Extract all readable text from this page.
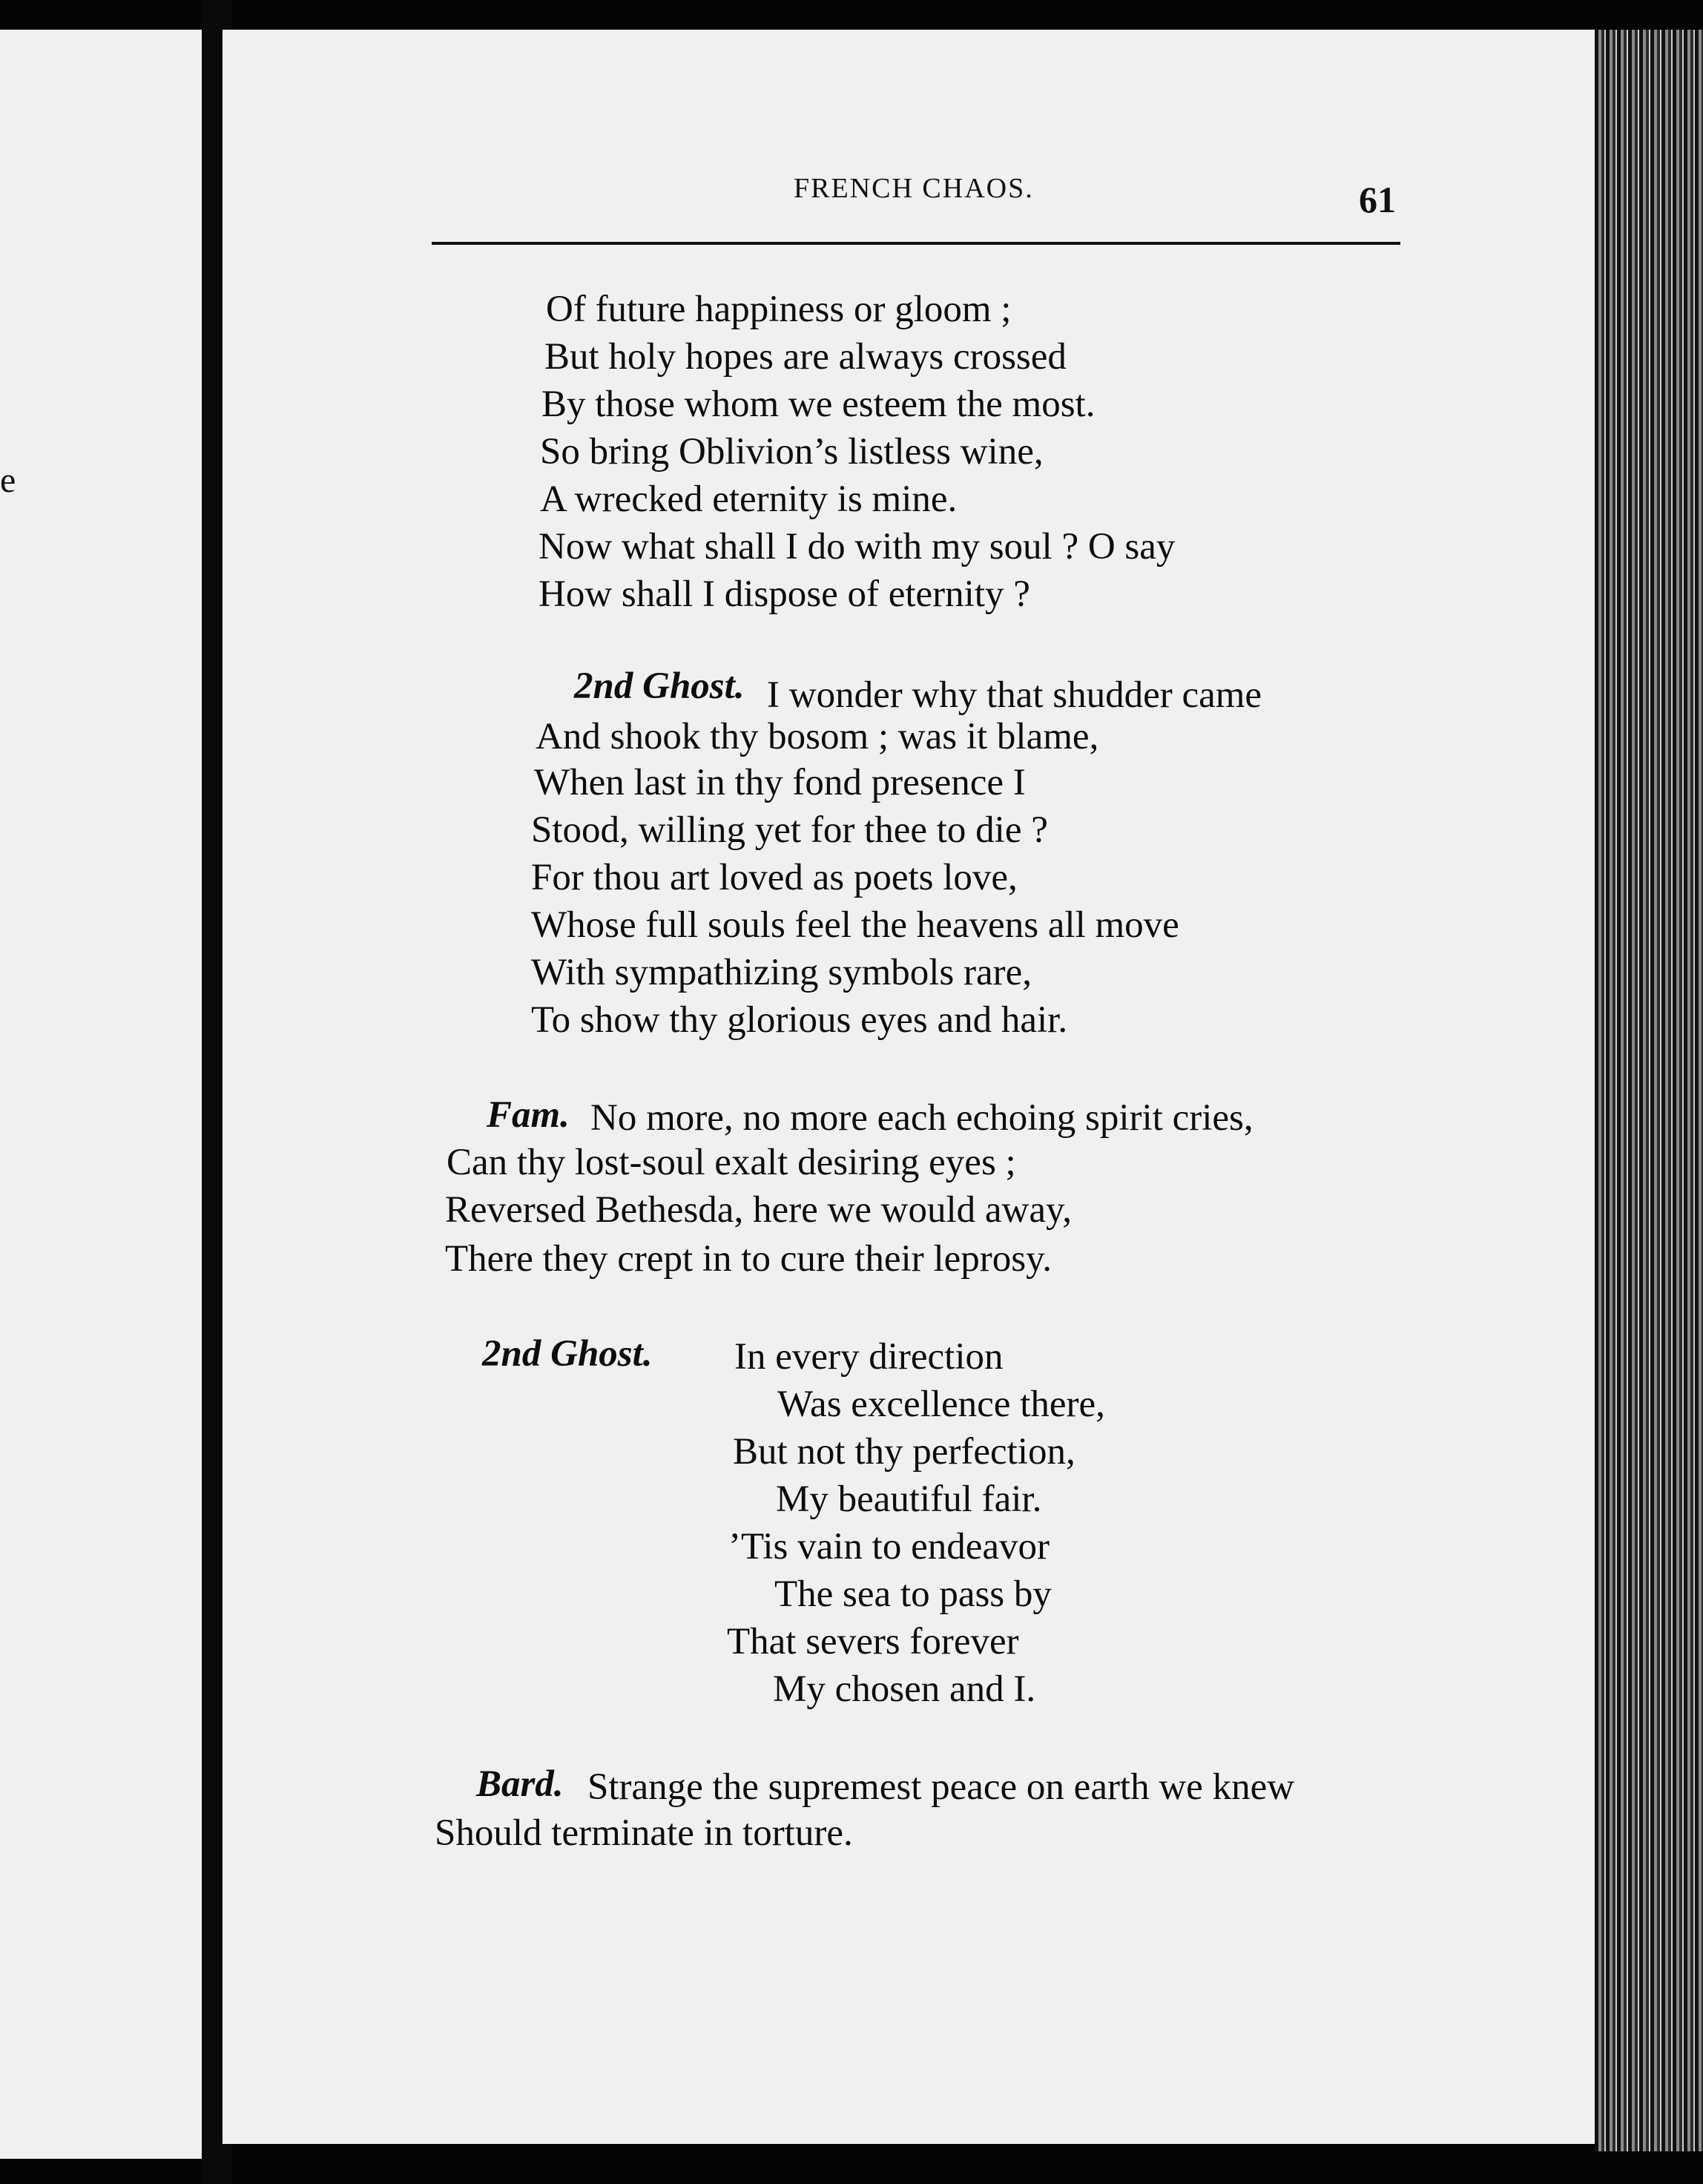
e
FRENCH CHAOS.	61
Of future happiness or gloom ;
But holy hopes are always crossed
By those whom we esteem the most.
So bring Oblivion’s listless wine,
A wrecked eternity is mine.
Now what shall I do with my soul ? O say
How shall I dispose of eternity ?
2nd Ghost. I wonder why that shudder came
And shook thy bosom ; was it blame,
When last in thy fond presence I
Stood, willing yet for thee to die ?
For thou art loved as poets love,
Whose full souls feel the heavens all move
With sympathizing symbols rare,
To show thy glorious eyes and hair.
Fam. No more, no more each echoing spirit cries,
Can thy lost-soul exalt desiring eyes ;
Reversed Bethesda, here we would away,
There they crept in to cure their leprosy.
2nd Ghost. In every direction
Was excellence there,
But not thy perfection,
My beautiful fair.
’Tis vain to endeavor
The sea to pass by
That severs forever
My chosen and I.
Bard. Strange the supremest peace on earth we knew
Should terminate in torture.
